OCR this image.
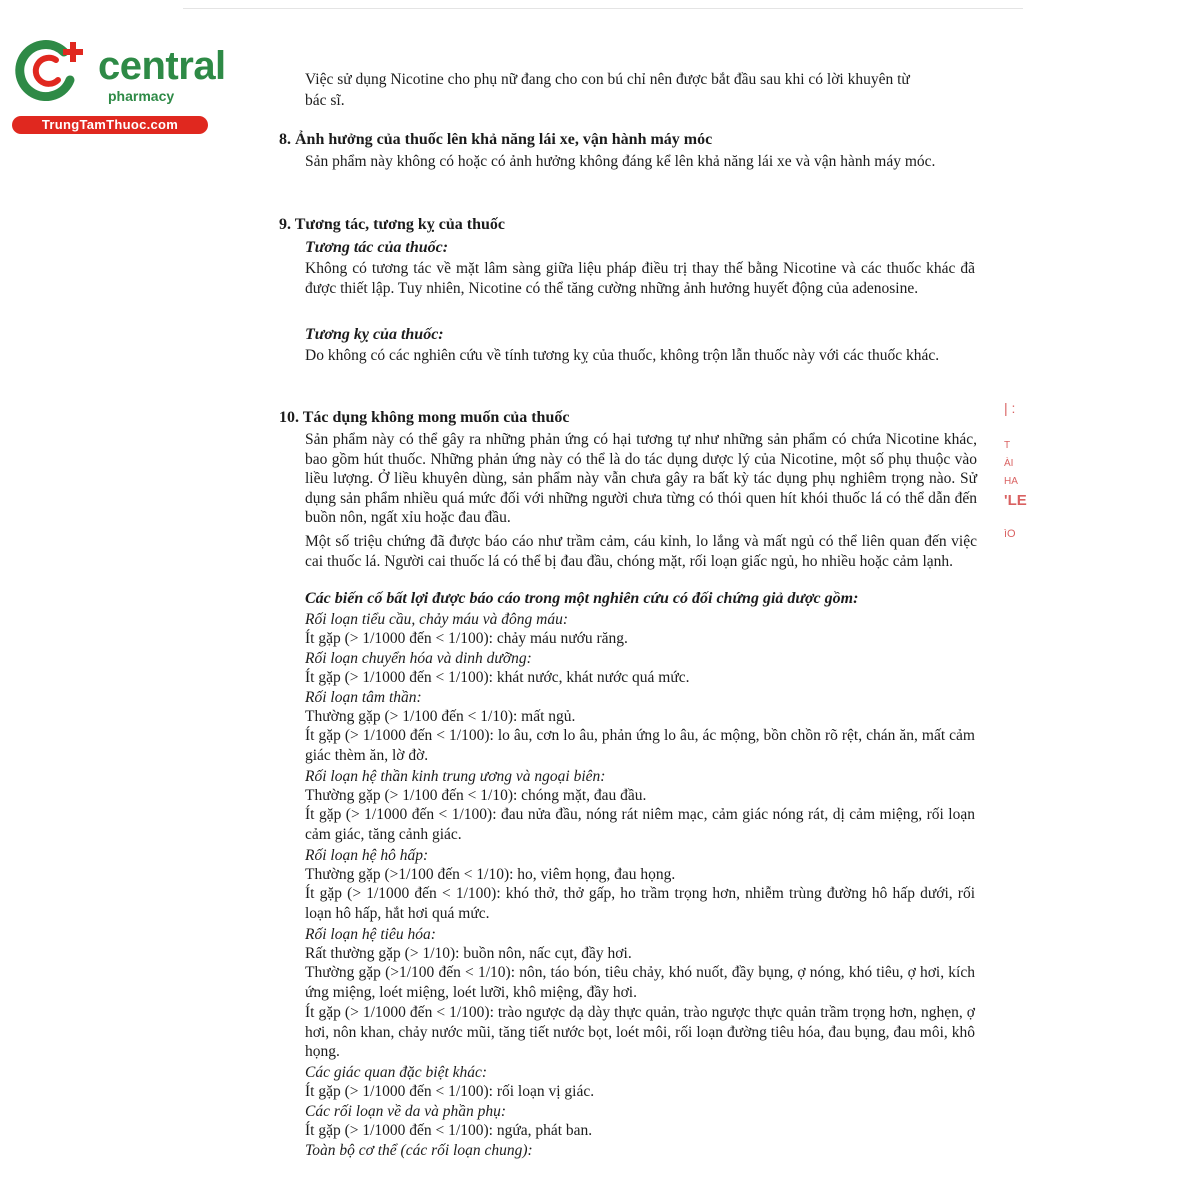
central
pharmacy
TrungTamThuoc.com

Việc sử dụng Nicotine cho phụ nữ đang cho con bú chỉ nên được bắt đầu sau khi có lời khuyên từ

bác sĩ.

8. Ảnh hưởng của thuốc lên khả năng lái xe, vận hành máy móc

Sản phẩm này không có hoặc có ảnh hưởng không đáng kể lên khả năng lái xe và vận hành máy móc.

9. Tương tác, tương kỵ của thuốc

Tương tác của thuốc:

Không có tương tác về mặt lâm sàng giữa liệu pháp điều trị thay thế bằng Nicotine và các thuốc khác đã được thiết lập. Tuy nhiên, Nicotine có thể tăng cường những ảnh hưởng huyết động của adenosine.

Tương kỵ của thuốc:

Do không có các nghiên cứu về tính tương kỵ của thuốc, không trộn lẫn thuốc này với các thuốc khác.

10. Tác dụng không mong muốn của thuốc

Sản phẩm này có thể gây ra những phản ứng có hại tương tự như những sản phẩm có chứa Nicotine khác, bao gồm hút thuốc. Những phản ứng này có thể là do tác dụng dược lý của Nicotine, một số phụ thuộc vào liều lượng. Ở liều khuyên dùng, sản phẩm này vẫn chưa gây ra bất kỳ tác dụng phụ nghiêm trọng nào. Sử dụng sản phẩm nhiều quá mức đối với những người chưa từng có thói quen hít khói thuốc lá có thể dẫn đến buồn nôn, ngất xỉu hoặc đau đầu.

Một số triệu chứng đã được báo cáo như trầm cảm, cáu kỉnh, lo lắng và mất ngủ có thể liên quan đến việc cai thuốc lá. Người cai thuốc lá có thể bị đau đầu, chóng mặt, rối loạn giấc ngủ, ho nhiều hoặc cảm lạnh.

Các biến cố bất lợi được báo cáo trong một nghiên cứu có đối chứng giả dược gồm:

Rối loạn tiểu cầu, chảy máu và đông máu:

Ít gặp (> 1/1000 đến < 1/100): chảy máu nướu răng.

Rối loạn chuyển hóa và dinh dưỡng:

Ít gặp (> 1/1000 đến < 1/100): khát nước, khát nước quá mức.

Rối loạn tâm thần:

Thường gặp (> 1/100 đến < 1/10): mất ngủ.

Ít gặp (> 1/1000 đến < 1/100): lo âu, cơn lo âu, phản ứng lo âu, ác mộng, bồn chồn rõ rệt, chán ăn, mất cảm giác thèm ăn, lờ đờ.

Rối loạn hệ thần kinh trung ương và ngoại biên:

Thường gặp (> 1/100 đến < 1/10): chóng mặt, đau đầu.

Ít gặp (> 1/1000 đến < 1/100): đau nửa đầu, nóng rát niêm mạc, cảm giác nóng rát, dị cảm miệng, rối loạn cảm giác, tăng cảnh giác.

Rối loạn hệ hô hấp:

Thường gặp (>1/100 đến < 1/10): ho, viêm họng, đau họng.

Ít gặp (> 1/1000 đến < 1/100): khó thở, thở gấp, ho trầm trọng hơn, nhiễm trùng đường hô hấp dưới, rối loạn hô hấp, hắt hơi quá mức.

Rối loạn hệ tiêu hóa:

Rất thường gặp (> 1/10): buồn nôn, nấc cụt, đầy hơi.

Thường gặp (>1/100 đến < 1/10): nôn, táo bón, tiêu chảy, khó nuốt, đầy bụng, ợ nóng, khó tiêu, ợ hơi, kích ứng miệng, loét miệng, loét lưỡi, khô miệng, đầy hơi.

Ít gặp (> 1/1000 đến < 1/100): trào ngược dạ dày thực quản, trào ngược thực quản trầm trọng hơn, nghẹn, ợ hơi, nôn khan, chảy nước mũi, tăng tiết nước bọt, loét môi, rối loạn đường tiêu hóa, đau bụng, đau môi, khô họng.

Các giác quan đặc biệt khác:

Ít gặp (> 1/1000 đến < 1/100): rối loạn vị giác.

Các rối loạn về da và phần phụ:

Ít gặp (> 1/1000 đến < 1/100): ngứa, phát ban.

Toàn bộ cơ thể (các rối loạn chung):

| :
T
ÀI
HA
'LE
ìO
